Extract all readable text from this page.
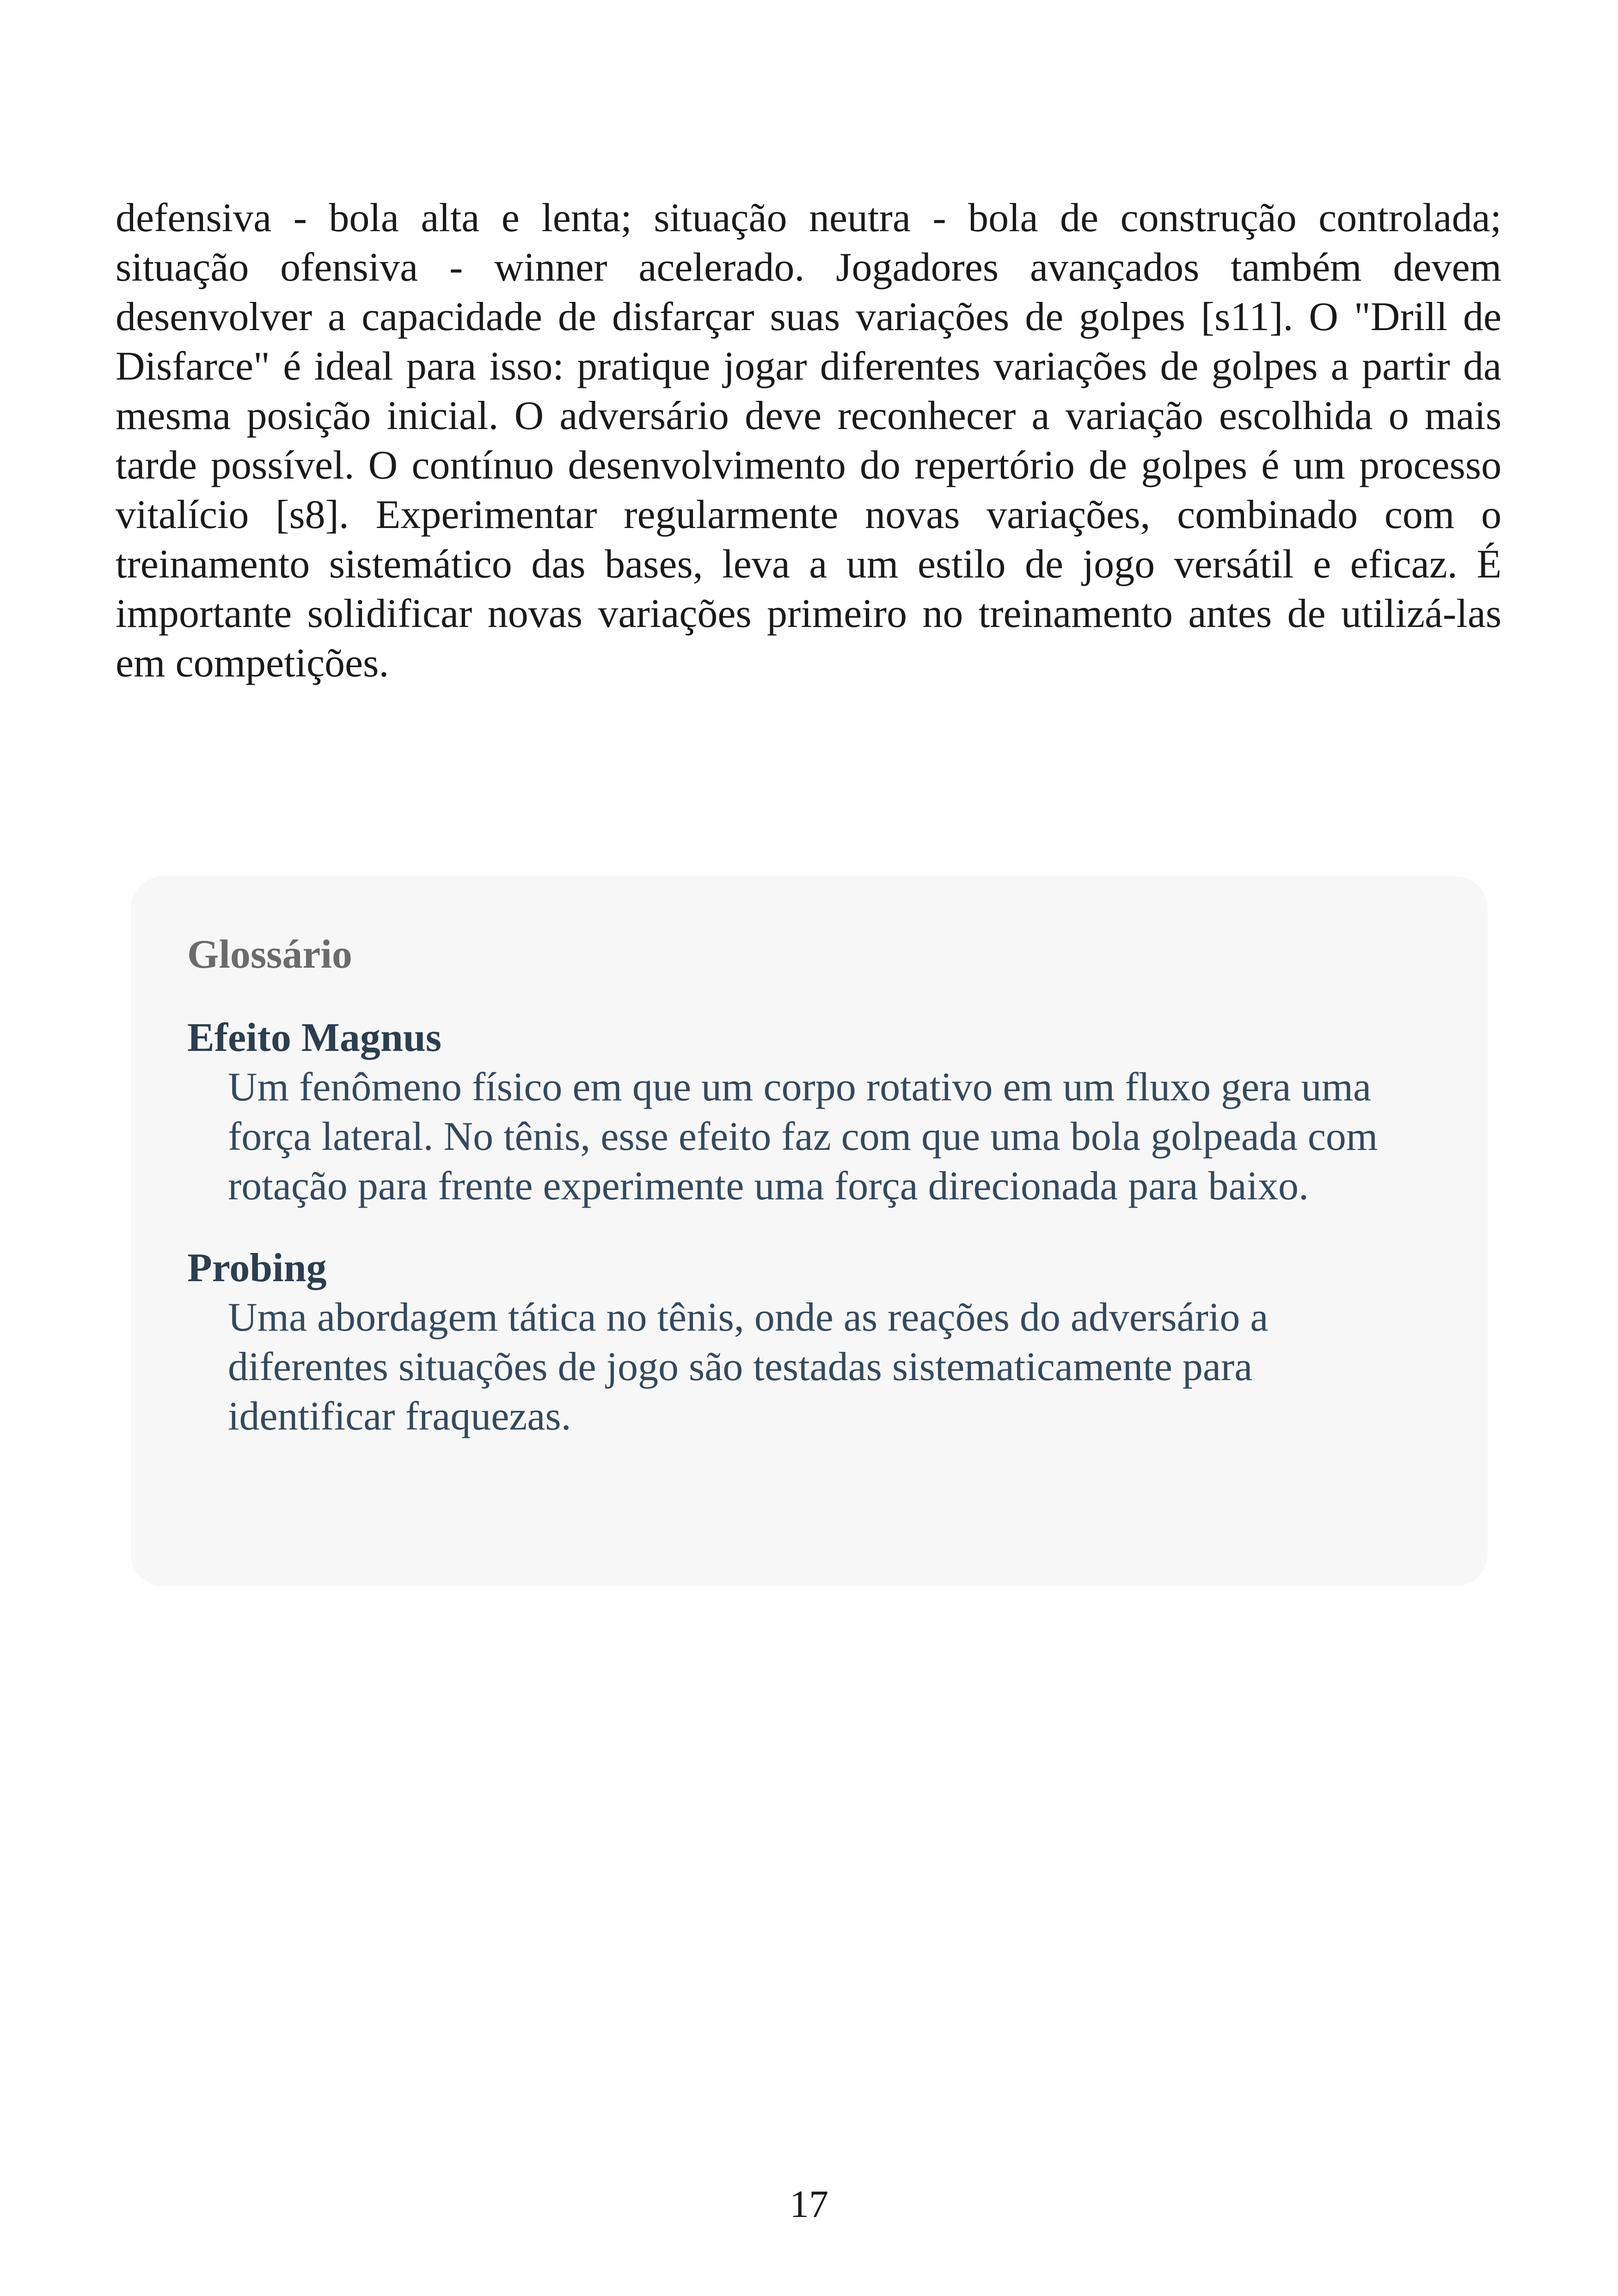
defensiva - bola alta e lenta; situação neutra - bola de construção controlada; situação ofensiva - winner acelerado. Jogadores avançados também devem desenvolver a capacidade de disfarçar suas variações de golpes [s11]. O "Drill de Disfarce" é ideal para isso: pratique jogar diferentes variações de golpes a partir da mesma posição inicial. O adversário deve reconhecer a variação escolhida o mais tarde possível. O contínuo desenvolvimento do repertório de golpes é um processo vitalício [s8]. Experimentar regularmente novas variações, combinado com o treinamento sistemático das bases, leva a um estilo de jogo versátil e eficaz. É importante solidificar novas variações primeiro no treinamento antes de utilizá-las em competições.

Glossário

Efeito Magnus

Um fenômeno físico em que um corpo rotativo em um fluxo gera uma força lateral. No tênis, esse efeito faz com que uma bola golpeada com rotação para frente experimente uma força direcionada para baixo.

Probing

Uma abordagem tática no tênis, onde as reações do adversário a diferentes situações de jogo são testadas sistematicamente para identificar fraquezas.

17
